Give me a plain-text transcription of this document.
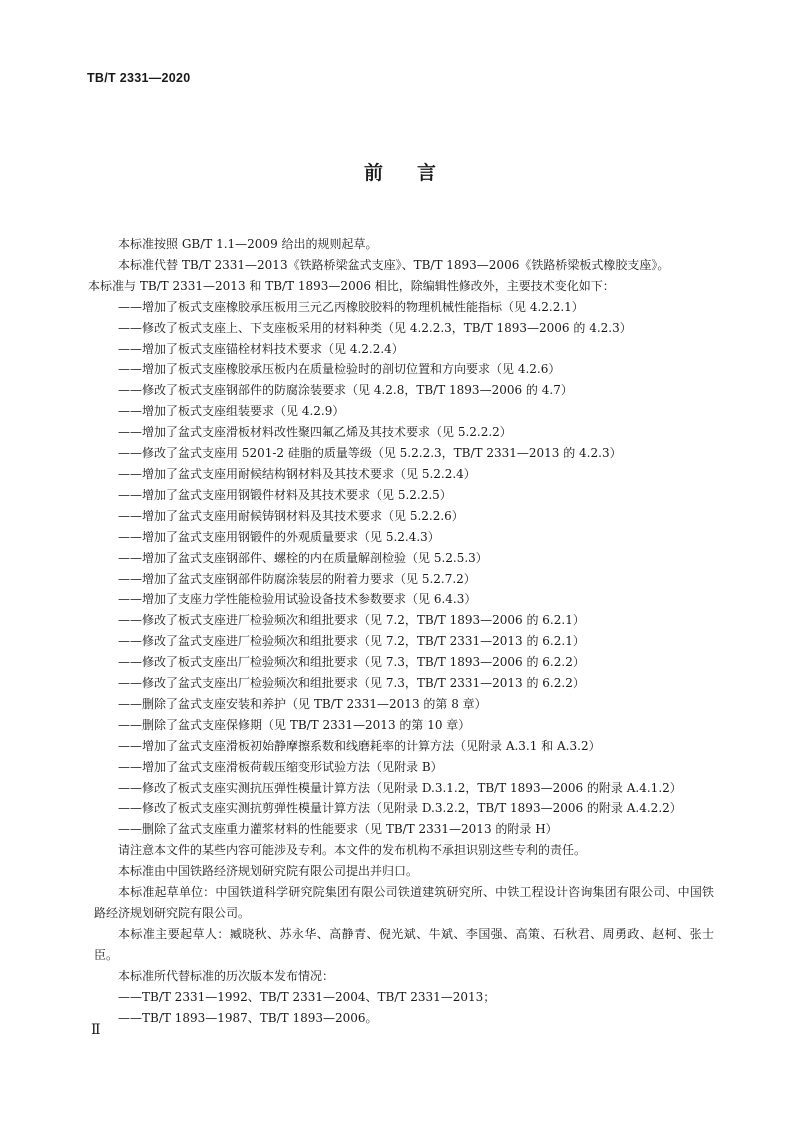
TB/T 2331—2020
前言

本标准按照 GB/T 1.1—2009 给出的规则起草。

本标准代替 TB/T 2331—2013《铁路桥梁盆式支座》、TB/T 1893—2006《铁路桥梁板式橡胶支座》。

本标准与 TB/T 2331—2013 和 TB/T 1893—2006 相比，除编辑性修改外，主要技术变化如下：

——增加了板式支座橡胶承压板用三元乙丙橡胶胶料的物理机械性能指标（见 4.2.2.1）

——修改了板式支座上、下支座板采用的材料种类（见 4.2.2.3，TB/T 1893—2006 的 4.2.3）

——增加了板式支座锚栓材料技术要求（见 4.2.2.4）

——增加了板式支座橡胶承压板内在质量检验时的剖切位置和方向要求（见 4.2.6）

——修改了板式支座钢部件的防腐涂装要求（见 4.2.8，TB/T 1893—2006 的 4.7）

——增加了板式支座组装要求（见 4.2.9）

——增加了盆式支座滑板材料改性聚四氟乙烯及其技术要求（见 5.2.2.2）

——修改了盆式支座用 5201-2 硅脂的质量等级（见 5.2.2.3，TB/T 2331—2013 的 4.2.3）

——增加了盆式支座用耐候结构钢材料及其技术要求（见 5.2.2.4）

——增加了盆式支座用钢锻件材料及其技术要求（见 5.2.2.5）

——增加了盆式支座用耐候铸钢材料及其技术要求（见 5.2.2.6）

——增加了盆式支座用钢锻件的外观质量要求（见 5.2.4.3）

——增加了盆式支座钢部件、螺栓的内在质量解剖检验（见 5.2.5.3）

——增加了盆式支座钢部件防腐涂装层的附着力要求（见 5.2.7.2）

——增加了支座力学性能检验用试验设备技术参数要求（见 6.4.3）

——修改了板式支座进厂检验频次和组批要求（见 7.2，TB/T 1893—2006 的 6.2.1）

——修改了盆式支座进厂检验频次和组批要求（见 7.2，TB/T 2331—2013 的 6.2.1）

——修改了板式支座出厂检验频次和组批要求（见 7.3，TB/T 1893—2006 的 6.2.2）

——修改了盆式支座出厂检验频次和组批要求（见 7.3，TB/T 2331—2013 的 6.2.2）

——删除了盆式支座安装和养护（见 TB/T 2331—2013 的第 8 章）

——删除了盆式支座保修期（见 TB/T 2331—2013 的第 10 章）

——增加了盆式支座滑板初始静摩擦系数和线磨耗率的计算方法（见附录 A.3.1 和 A.3.2）

——增加了盆式支座滑板荷载压缩变形试验方法（见附录 B）

——修改了板式支座实测抗压弹性模量计算方法（见附录 D.3.1.2，TB/T 1893—2006 的附录 A.4.1.2）

——修改了板式支座实测抗剪弹性模量计算方法（见附录 D.3.2.2，TB/T 1893—2006 的附录 A.4.2.2）

——删除了盆式支座重力灌浆材料的性能要求（见 TB/T 2331—2013 的附录 H）

请注意本文件的某些内容可能涉及专利。本文件的发布机构不承担识别这些专利的责任。

本标准由中国铁路经济规划研究院有限公司提出并归口。

本标准起草单位：中国铁道科学研究院集团有限公司铁道建筑研究所、中铁工程设计咨询集团有限公司、中国铁路经济规划研究院有限公司。

本标准主要起草人：臧晓秋、苏永华、高静青、倪光斌、牛斌、李国强、高策、石秋君、周勇政、赵柯、张士臣。

本标准所代替标准的历次版本发布情况：

——TB/T 2331—1992、TB/T 2331—2004、TB/T 2331—2013；

——TB/T 1893—1987、TB/T 1893—2006。

Ⅱ
